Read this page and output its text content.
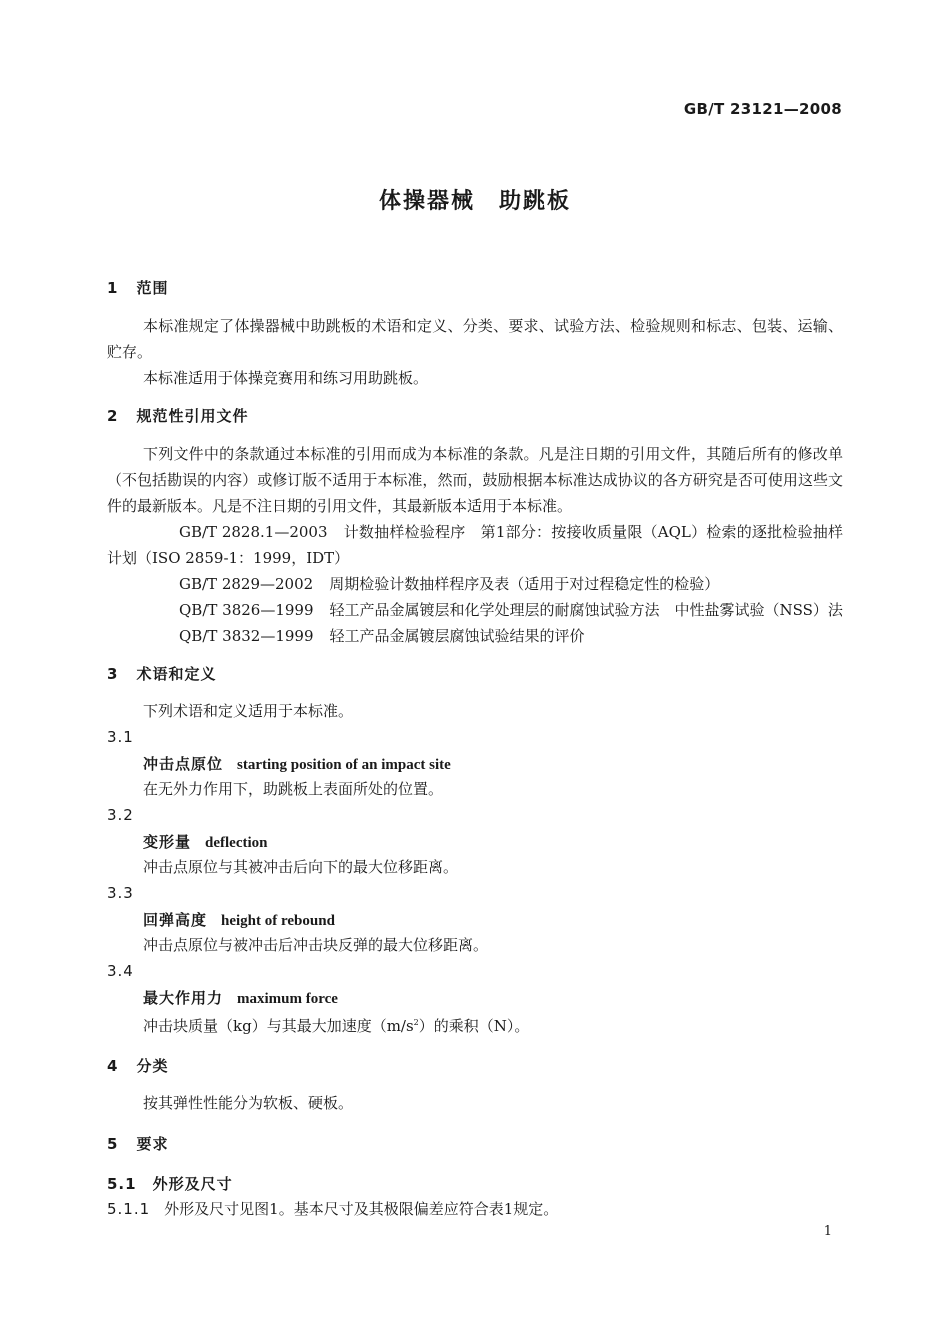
GB/T 23121—2008
体操器械　助跳板
1 范围
本标准规定了体操器械中助跳板的术语和定义、分类、要求、试验方法、检验规则和标志、包装、运输、贮存。
本标准适用于体操竞赛用和练习用助跳板。
2 规范性引用文件
下列文件中的条款通过本标准的引用而成为本标准的条款。凡是注日期的引用文件，其随后所有的修改单（不包括勘误的内容）或修订版不适用于本标准，然而，鼓励根据本标准达成协议的各方研究是否可使用这些文件的最新版本。凡是不注日期的引用文件，其最新版本适用于本标准。
GB/T 2828.1—2003 计数抽样检验程序　第1部分：按接收质量限（AQL）检索的逐批检验抽样计划（ISO 2859-1：1999，IDT）
GB/T 2829—2002 周期检验计数抽样程序及表（适用于对过程稳定性的检验）
QB/T 3826—1999 轻工产品金属镀层和化学处理层的耐腐蚀试验方法　中性盐雾试验（NSS）法
QB/T 3832—1999 轻工产品金属镀层腐蚀试验结果的评价
3 术语和定义
下列术语和定义适用于本标准。
3.1
冲击点原位 starting position of an impact site
在无外力作用下，助跳板上表面所处的位置。
3.2
变形量 deflection
冲击点原位与其被冲击后向下的最大位移距离。
3.3
回弹高度 height of rebound
冲击点原位与被冲击后冲击块反弹的最大位移距离。
3.4
最大作用力 maximum force
冲击块质量（kg）与其最大加速度$(m/s^2)$的乘积（N）。
4 分类
按其弹性性能分为软板、硬板。
5 要求
5.1 外形及尺寸
5.1.1 外形及尺寸见图1。基本尺寸及其极限偏差应符合表1规定。
1
